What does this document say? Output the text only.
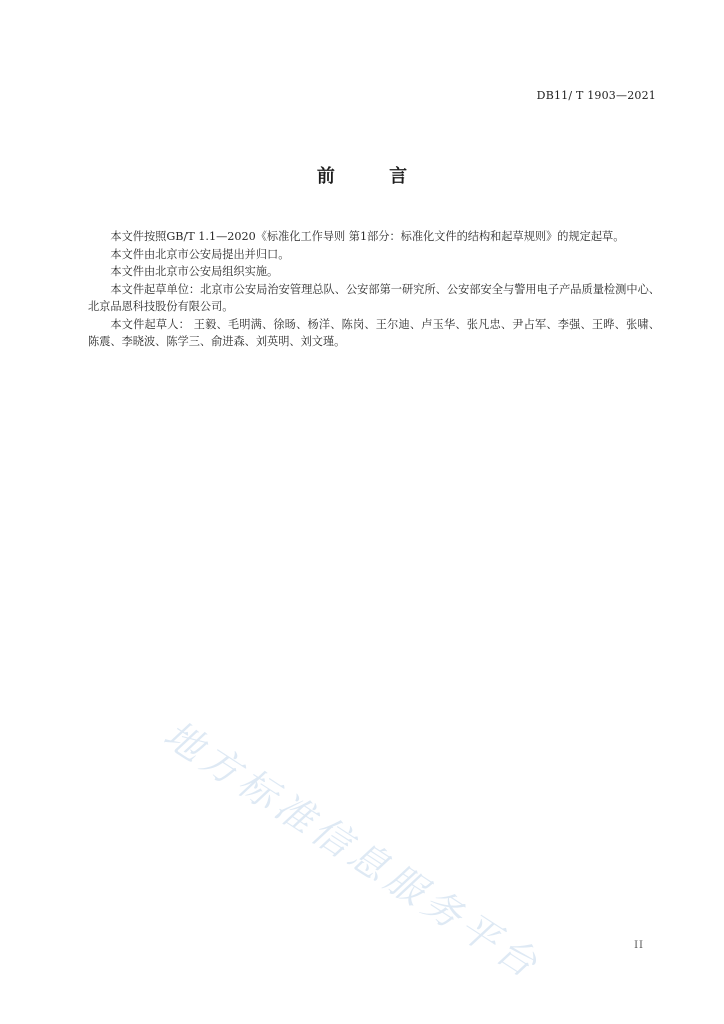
DB11/ T 1903—2021
前 言

本文件按照GB/T 1.1—2020《标准化工作导则 第1部分：标准化文件的结构和起草规则》的规定起草。

本文件由北京市公安局提出并归口。

本文件由北京市公安局组织实施。

本文件起草单位：北京市公安局治安管理总队、公安部第一研究所、公安部安全与警用电子产品质量检测中心、北京品恩科技股份有限公司。

本文件起草人： 王毅、毛明满、徐旸、杨洋、陈岗、王尔迪、卢玉华、张凡忠、尹占军、李强、王晔、张啸、陈震、李晓波、陈学三、俞进森、刘英明、刘文瑾。

地方标准信息服务平台	II
